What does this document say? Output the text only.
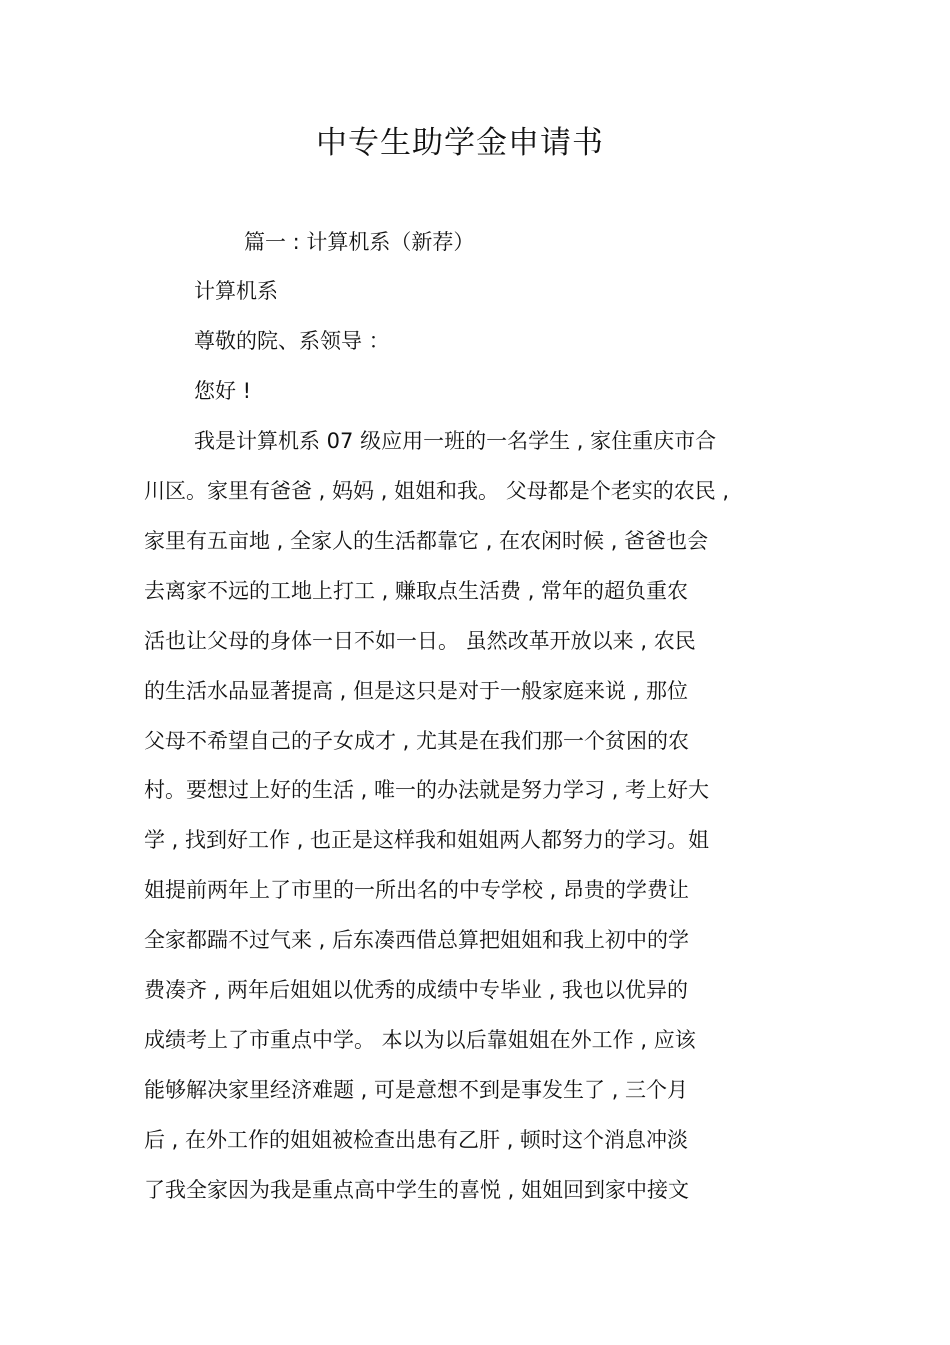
中专生助学金申请书
篇一 : 计算机系（新荐）
计算机系
尊敬的院、系领导 ：
您好 !
我是计算机系 07 级应用一班的一名学生 , 家住重庆市合
川区。家里有爸爸 , 妈妈 , 姐姐和我。 父母都是个老实的农民 ,
家里有五亩地 , 全家人的生活都靠它 , 在农闲时候 , 爸爸也会
去离家不远的工地上打工 , 赚取点生活费 , 常年的超负重农
活也让父母的身体一日不如一日。 虽然改革开放以来 , 农民
的生活水品显著提高 , 但是这只是对于一般家庭来说 , 那位
父母不希望自己的子女成才 , 尤其是在我们那一个贫困的农
村。要想过上好的生活 , 唯一的办法就是努力学习 , 考上好大
学 , 找到好工作 , 也正是这样我和姐姐两人都努力的学习。姐
姐提前两年上了市里的一所出名的中专学校 , 昂贵的学费让
全家都踹不过气来 , 后东凑西借总算把姐姐和我上初中的学
费凑齐 , 两年后姐姐以优秀的成绩中专毕业 , 我也以优异的
成绩考上了市重点中学。 本以为以后靠姐姐在外工作 , 应该
能够解决家里经济难题 , 可是意想不到是事发生了 , 三个月
后 , 在外工作的姐姐被检查出患有乙肝 , 顿时这个消息冲淡
了我全家因为我是重点高中学生的喜悦 , 姐姐回到家中接文
